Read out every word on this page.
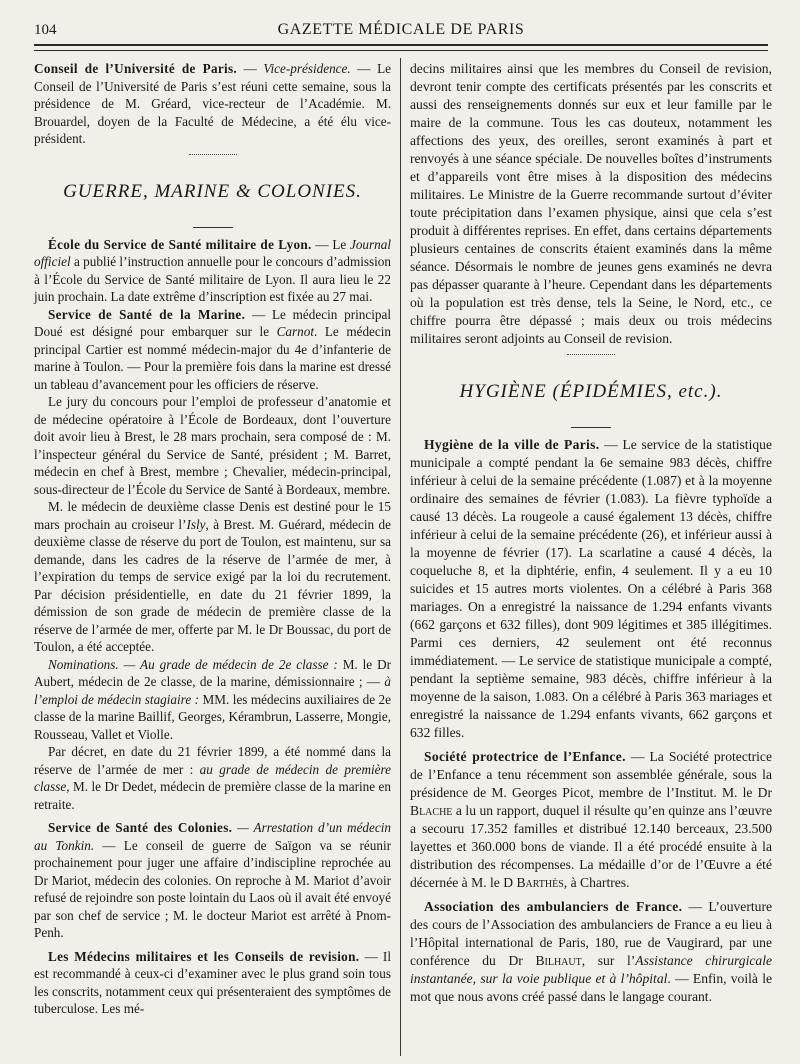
104	GAZETTE MÉDICALE DE PARIS

Conseil de l’Université de Paris. — Vice-présidence. — Le Conseil de l’Université de Paris s’est réuni cette semaine, sous la présidence de M. Gréard, vice-recteur de l’Académie. M. Brouardel, doyen de la Faculté de Médecine, a été élu vice-président.

GUERRE, MARINE & COLONIES.

École du Service de Santé militaire de Lyon. — Le Journal officiel a publié l’instruction annuelle pour le concours d’admission à l’École du Service de Santé militaire de Lyon. Il aura lieu le 22 juin prochain. La date extrême d’inscription est fixée au 27 mai.

Service de Santé de la Marine. — Le médecin principal Doué est désigné pour embarquer sur le Carnot. Le médecin principal Cartier est nommé médecin-major du 4e d’infanterie de marine à Toulon. — Pour la première fois dans la marine est dressé un tableau d’avancement pour les officiers de réserve.

Le jury du concours pour l’emploi de professeur d’anatomie et de médecine opératoire à l’École de Bordeaux, dont l’ouverture doit avoir lieu à Brest, le 28 mars prochain, sera composé de : M. l’inspecteur général du Service de Santé, président ; M. Barret, médecin en chef à Brest, membre ; Chevalier, médecin-principal, sous-directeur de l’École du Service de Santé à Bordeaux, membre.

M. le médecin de deuxième classe Denis est destiné pour le 15 mars prochain au croiseur l’Isly, à Brest. M. Guérard, médecin de deuxième classe de réserve du port de Toulon, est maintenu, sur sa demande, dans les cadres de la réserve de l’armée de mer, à l’expiration du temps de service exigé par la loi du recrutement. Par décision présidentielle, en date du 21 février 1899, la démission de son grade de médecin de première classe de la réserve de l’armée de mer, offerte par M. le Dr Boussac, du port de Toulon, a été acceptée.

Nominations. — Au grade de médecin de 2e classe : M. le Dr Aubert, médecin de 2e classe, de la marine, démissionnaire ; — à l’emploi de médecin stagiaire : MM. les médecins auxiliaires de 2e classe de la marine Baillif, Georges, Kérambrun, Lasserre, Mongie, Rousseau, Vallet et Violle.

Par décret, en date du 21 février 1899, a été nommé dans la réserve de l’armée de mer : au grade de médecin de première classe, M. le Dr Dedet, médecin de première classe de la marine en retraite.

Service de Santé des Colonies. — Arrestation d’un médecin au Tonkin. — Le conseil de guerre de Saïgon va se réunir prochainement pour juger une affaire d’indiscipline reprochée au Dr Mariot, médecin des colonies. On reproche à M. Mariot d’avoir refusé de rejoindre son poste lointain du Laos où il avait été envoyé par son chef de service ; M. le docteur Mariot est arrêté à Pnom-Penh.

Les Médecins militaires et les Conseils de revision. — Il est recommandé à ceux-ci d’examiner avec le plus grand soin tous les conscrits, notamment ceux qui présenteraient des symptômes de tuberculose. Les mé-

decins militaires ainsi que les membres du Conseil de revision, devront tenir compte des certificats présentés par les conscrits et aussi des renseignements donnés sur eux et leur famille par le maire de la commune. Tous les cas douteux, notamment les affections des yeux, des oreilles, seront examinés à part et renvoyés à une séance spéciale. De nouvelles boîtes d’instruments et d’appareils vont être mises à la disposition des médecins militaires. Le Ministre de la Guerre recommande surtout d’éviter toute précipitation dans l’examen physique, ainsi que cela s’est produit à différentes reprises. En effet, dans certains départements plusieurs centaines de conscrits étaient examinés dans la même séance. Désormais le nombre de jeunes gens examinés ne devra pas dépasser quarante à l’heure. Cependant dans les départements où la population est très dense, tels la Seine, le Nord, etc., ce chiffre pourra être dépassé ; mais deux ou trois médecins militaires seront adjoints au Conseil de revision.

HYGIÈNE (ÉPIDÉMIES, etc.).

Hygiène de la ville de Paris. — Le service de la statistique municipale a compté pendant la 6e semaine 983 décès, chiffre inférieur à celui de la semaine précédente (1.087) et à la moyenne ordinaire des semaines de février (1.083). La fièvre typhoïde a causé 13 décès. La rougeole a causé également 13 décès, chiffre inférieur à celui de la semaine précédente (26), et inférieur aussi à la moyenne de février (17). La scarlatine a causé 4 décès, la coqueluche 8, et la diphtérie, enfin, 4 seulement. Il y a eu 10 suicides et 15 autres morts violentes. On a célébré à Paris 368 mariages. On a enregistré la naissance de 1.294 enfants vivants (662 garçons et 632 filles), dont 909 légitimes et 385 illégitimes. Parmi ces derniers, 42 seulement ont été reconnus immédiatement. — Le service de statistique municipale a compté, pendant la septième semaine, 983 décès, chiffre inférieur à la moyenne de la saison, 1.083. On a célébré à Paris 363 mariages et enregistré la naissance de 1.294 enfants vivants, 662 garçons et 632 filles.

Société protectrice de l’Enfance. — La Société protectrice de l’Enfance a tenu récemment son assemblée générale, sous la présidence de M. Georges Picot, membre de l’Institut. M. le Dr Blache a lu un rapport, duquel il résulte qu’en quinze ans l’œuvre a secouru 17.352 familles et distribué 12.140 berceaux, 23.500 layettes et 360.000 bons de viande. Il a été procédé ensuite à la distribution des récompenses. La médaille d’or de l’Œuvre a été décernée à M. le D Barthès, à Chartres.

Association des ambulanciers de France. — L’ouverture des cours de l’Association des ambulanciers de France a eu lieu à l’Hôpital international de Paris, 180, rue de Vaugirard, par une conférence du Dr Bilhaut, sur l’Assistance chirurgicale instantanée, sur la voie publique et à l’hôpital. — Enfin, voilà le mot que nous avons créé passé dans le langage courant.
